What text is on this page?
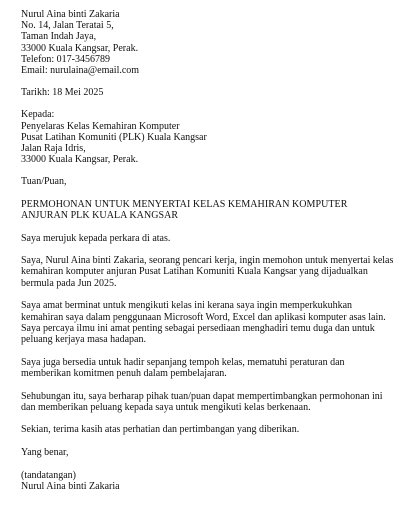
Nurul Aina binti Zakaria
No. 14, Jalan Teratai 5,
Taman Indah Jaya,
33000 Kuala Kangsar, Perak.
Telefon: 017-3456789
Email: nurulaina@email.com
Tarikh: 18 Mei 2025
Kepada:
Penyelaras Kelas Kemahiran Komputer
Pusat Latihan Komuniti (PLK) Kuala Kangsar
Jalan Raja Idris,
33000 Kuala Kangsar, Perak.
Tuan/Puan,
PERMOHONAN UNTUK MENYERTAI KELAS KEMAHIRAN KOMPUTER ANJURAN PLK KUALA KANGSAR

Saya merujuk kepada perkara di atas.

Saya, Nurul Aina binti Zakaria, seorang pencari kerja, ingin memohon untuk menyertai kelas kemahiran komputer anjuran Pusat Latihan Komuniti Kuala Kangsar yang dijadualkan bermula pada Jun 2025.

Saya amat berminat untuk mengikuti kelas ini kerana saya ingin memperkukuhkan kemahiran saya dalam penggunaan Microsoft Word, Excel dan aplikasi komputer asas lain. Saya percaya ilmu ini amat penting sebagai persediaan menghadiri temu duga dan untuk peluang kerjaya masa hadapan.

Saya juga bersedia untuk hadir sepanjang tempoh kelas, mematuhi peraturan dan memberikan komitmen penuh dalam pembelajaran.

Sehubungan itu, saya berharap pihak tuan/puan dapat mempertimbangkan permohonan ini dan memberikan peluang kepada saya untuk mengikuti kelas berkenaan.

Sekian, terima kasih atas perhatian dan pertimbangan yang diberikan.

Yang benar,
(tandatangan)
Nurul Aina binti Zakaria
